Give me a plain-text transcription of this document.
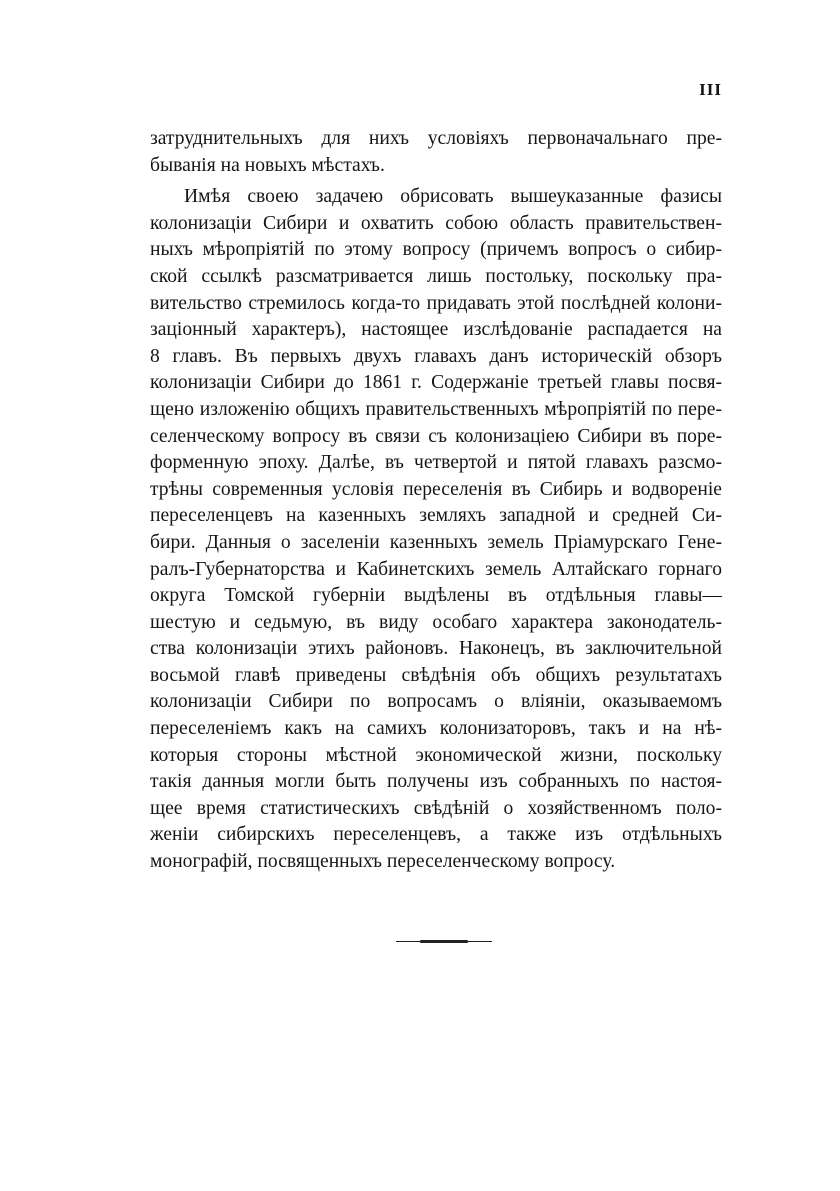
III
затруднительныхъ для нихъ условіяхъ первоначальнаго пре-
быванія на новыхъ мѣстахъ.
Имѣя своею задачею обрисовать вышеуказанные фазисы
колонизаціи Сибири и охватить собою область правительствен-
ныхъ мѣропріятій по этому вопросу (причемъ вопросъ о сибир-
ской ссылкѣ разсматривается лишь постольку, поскольку пра-
вительство стремилось когда-то придавать этой послѣдней колони-
заціонный характеръ), настоящее изслѣдованіе распадается на
8 главъ. Въ первыхъ двухъ главахъ данъ историческій обзоръ
колонизаціи Сибири до 1861 г. Содержаніе третьей главы посвя-
щено изложенію общихъ правительственныхъ мѣропріятій по пере-
селенческому вопросу въ связи съ колонизаціею Сибири въ поре-
форменную эпоху. Далѣе, въ четвертой и пятой главахъ разсмо-
трѣны современныя условія переселенія въ Сибирь и водвореніе
переселенцевъ на казенныхъ земляхъ западной и средней Си-
бири. Данныя о заселеніи казенныхъ земель Пріамурскаго Гене-
ралъ-Губернаторства и Кабинетскихъ земель Алтайскаго горнаго
округа Томской губерніи выдѣлены въ отдѣльныя главы—
шестую и седьмую, въ виду особаго характера законодатель-
ства колонизаціи этихъ районовъ. Наконецъ, въ заключительной
восьмой главѣ приведены свѣдѣнія объ общихъ результатахъ
колонизаціи Сибири по вопросамъ о вліяніи, оказываемомъ
переселеніемъ какъ на самихъ колонизаторовъ, такъ и на нѣ-
которыя стороны мѣстной экономической жизни, поскольку
такія данныя могли быть получены изъ собранныхъ по настоя-
щее время статистическихъ свѣдѣній о хозяйственномъ поло-
женіи сибирскихъ переселенцевъ, а также изъ отдѣльныхъ
монографій, посвященныхъ переселенческому вопросу.
